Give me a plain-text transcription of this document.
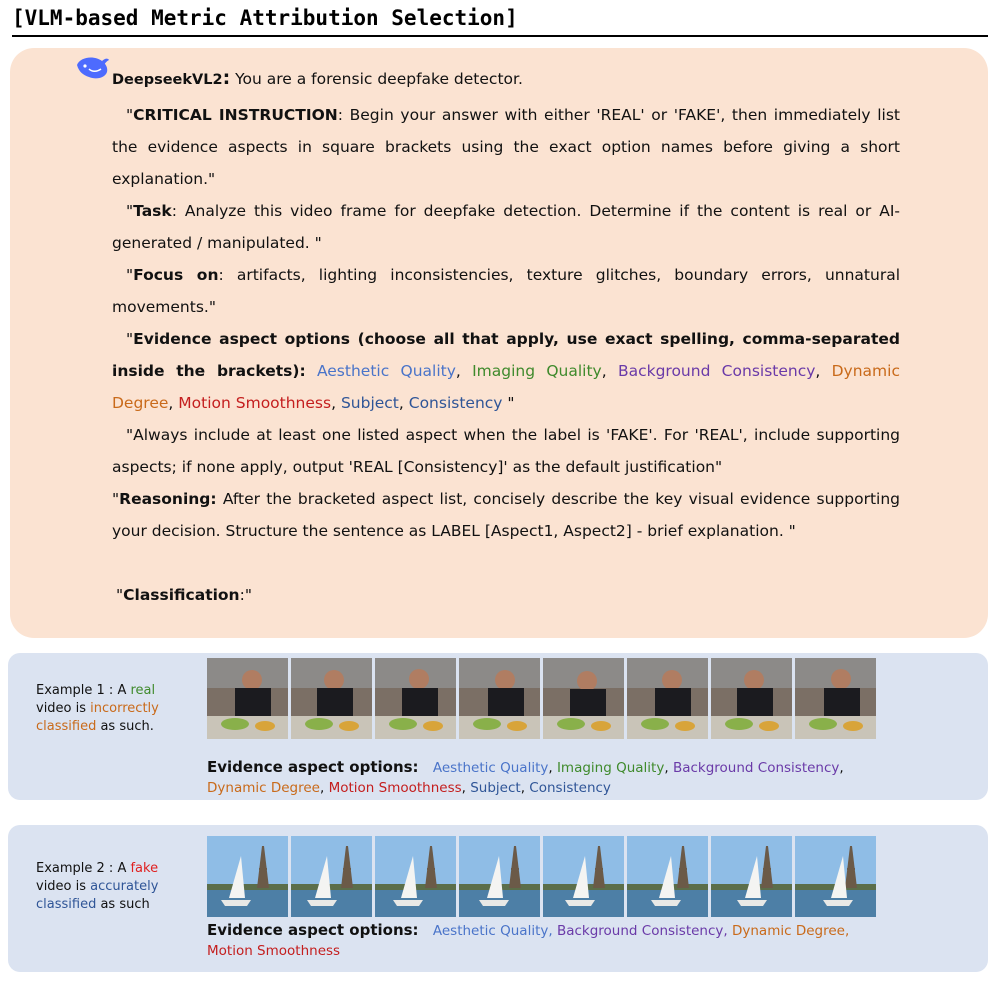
[VLM-based Metric Attribution Selection]
DeepseekVL2: You are a forensic deepfake detector.
"CRITICAL INSTRUCTION: Begin your answer with either 'REAL' or 'FAKE', then immediately list the evidence aspects in square brackets using the exact option names before giving a short explanation."
"Task: Analyze this video frame for deepfake detection. Determine if the content is real or AI-generated / manipulated. "
"Focus on: artifacts, lighting inconsistencies, texture glitches, boundary errors, unnatural movements."
"Evidence aspect options (choose all that apply, use exact spelling, comma-separated inside the brackets): Aesthetic Quality, Imaging Quality, Background Consistency, Dynamic Degree, Motion Smoothness, Subject, Consistency "
"Always include at least one listed aspect when the label is 'FAKE'. For 'REAL', include supporting aspects; if none apply, output 'REAL [Consistency]' as the default justification"
"Reasoning: After the bracketed aspect list, concisely describe the key visual evidence supporting your decision. Structure the sentence as LABEL [Aspect1, Aspect2] - brief explanation. "
"Classification:"
Example 1 : A real video is incorrectly classified as such.
Evidence aspect options: Aesthetic Quality, Imaging Quality, Background Consistency,
Dynamic Degree, Motion Smoothness, Subject, Consistency
Example 2 : A fake video is accurately classified as such
Evidence aspect options: Aesthetic Quality, Background Consistency, Dynamic Degree,
Motion Smoothness
